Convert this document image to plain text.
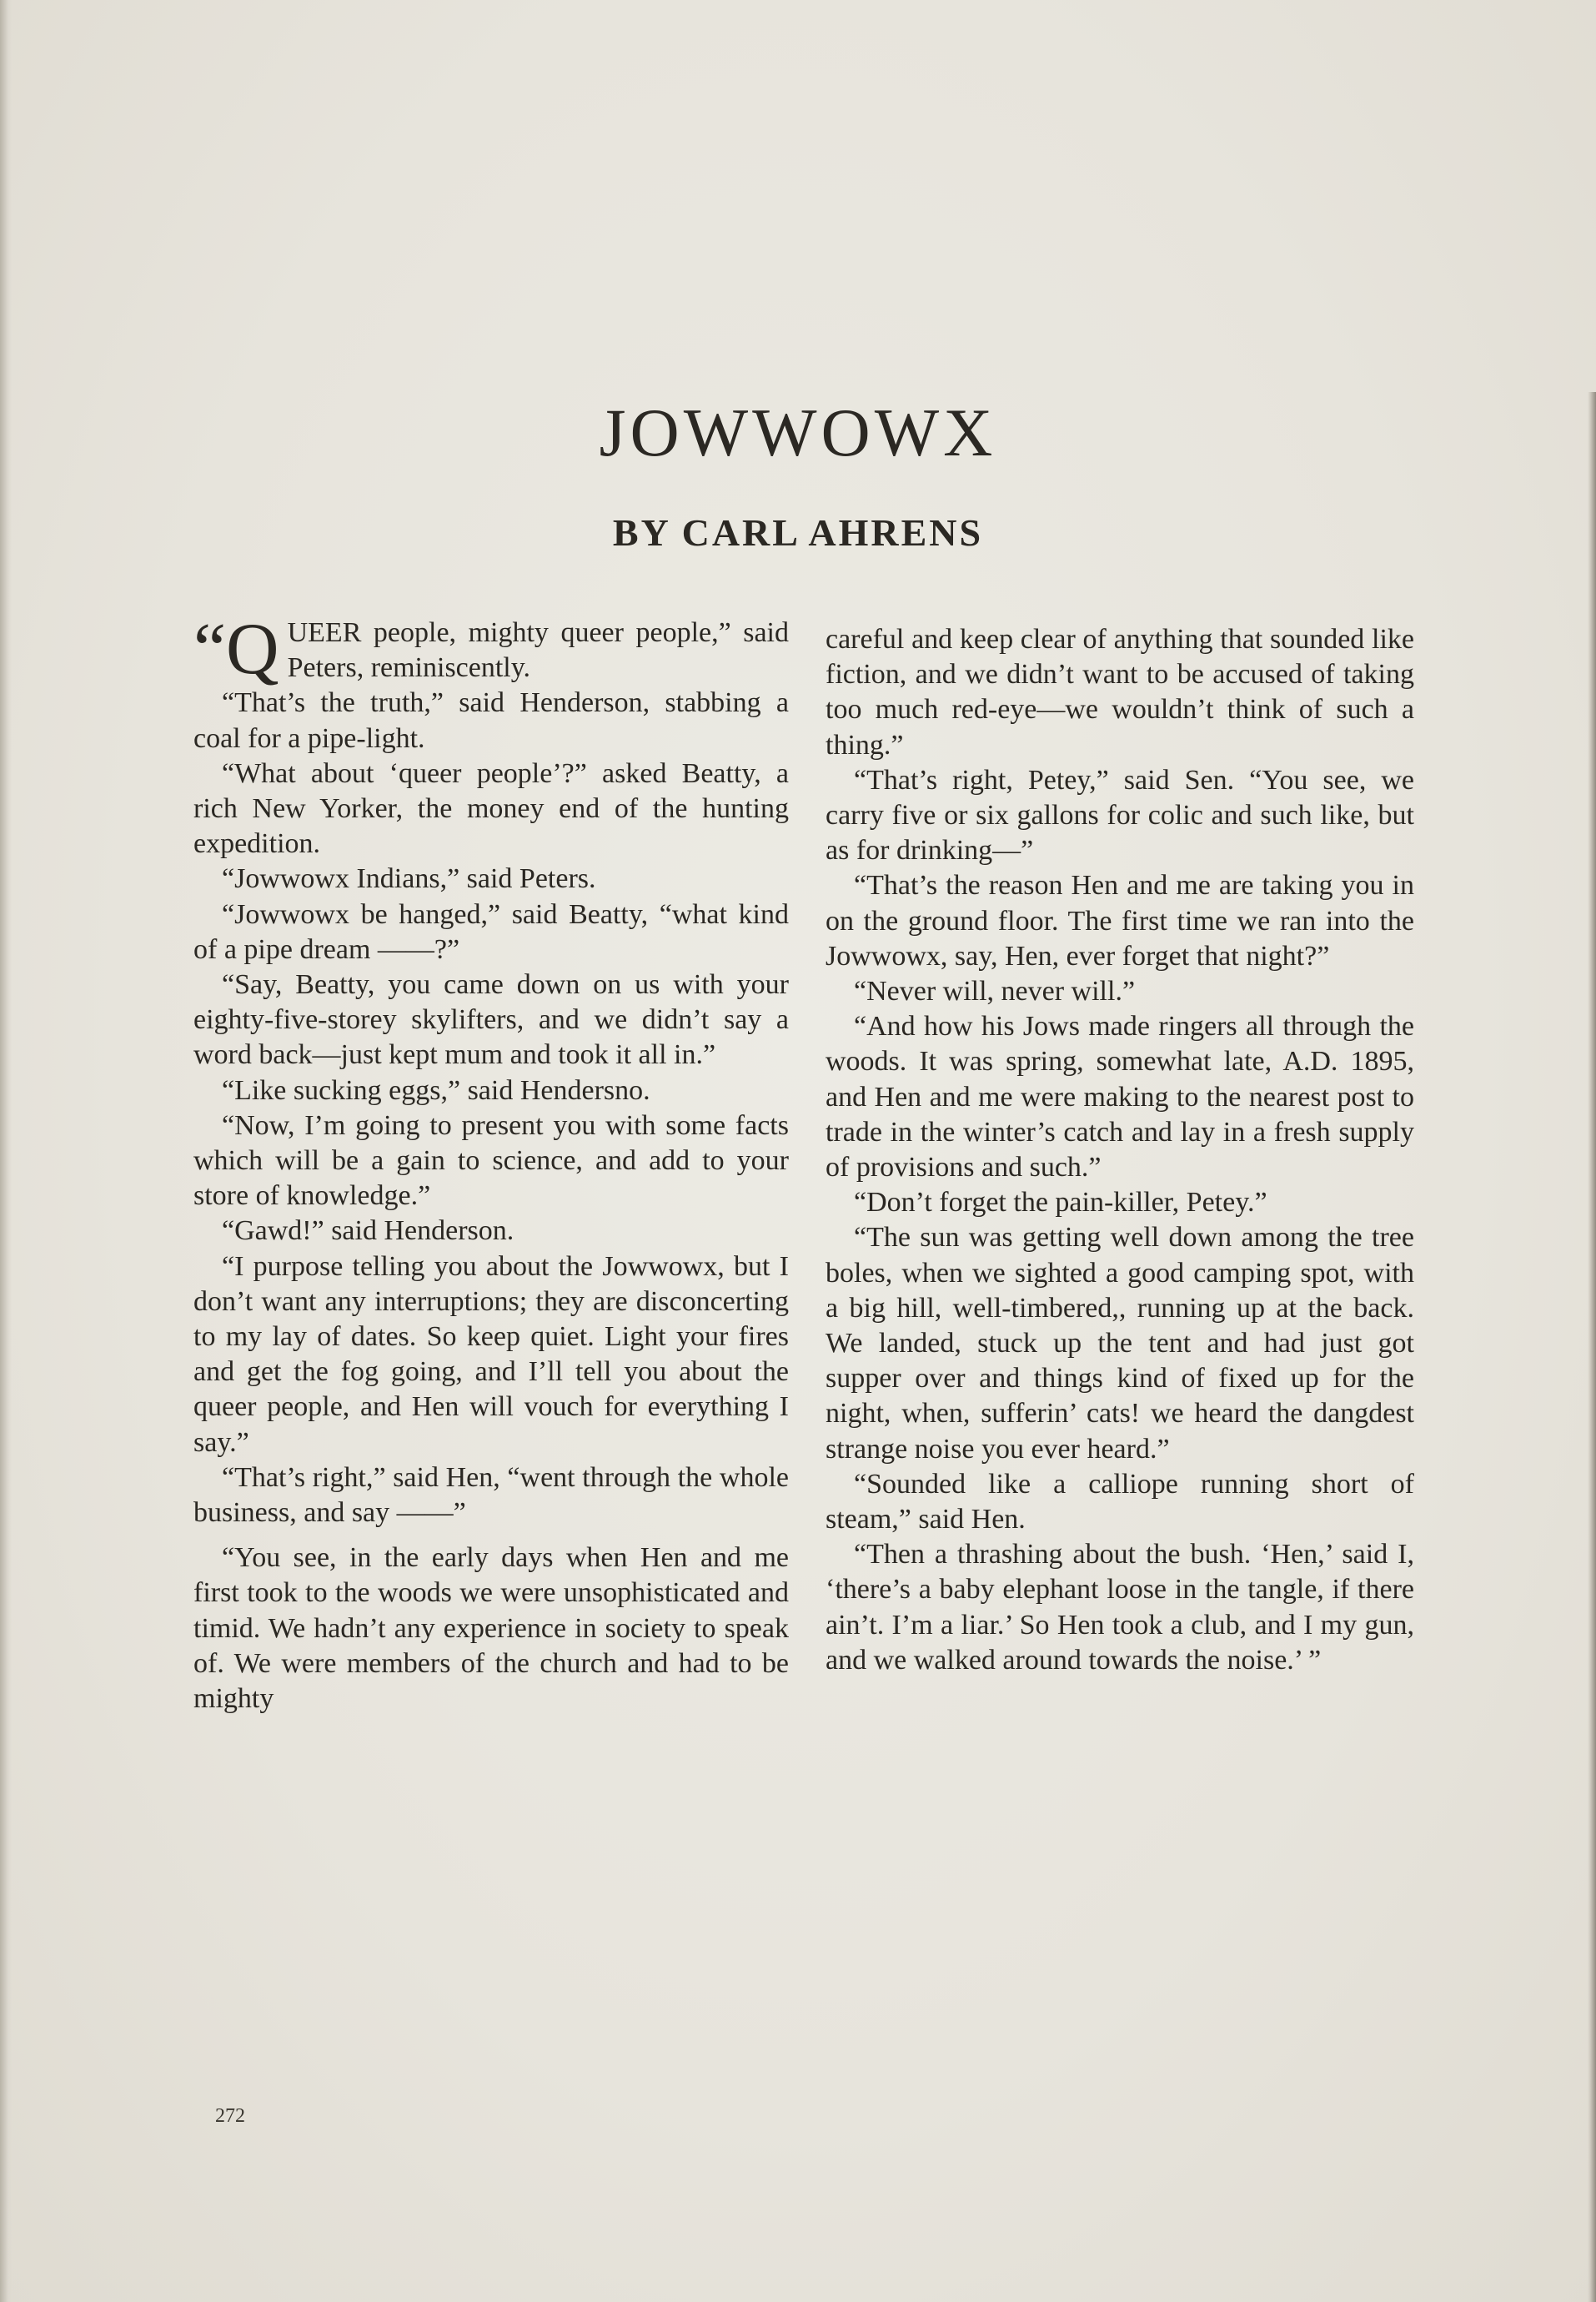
JOWWOWX
BY CARL AHRENS

“QUEER people, mighty queer people,” said Peters, reminiscently.

“That’s the truth,” said Henderson, stabbing a coal for a pipe-light.

“What about ‘queer people’?” asked Beatty, a rich New Yorker, the money end of the hunting expedition.

“Jowwowx Indians,” said Peters.

“Jowwowx be hanged,” said Beatty, “what kind of a pipe dream ——?”

“Say, Beatty, you came down on us with your eighty-five-storey skylifters, and we didn’t say a word back—just kept mum and took it all in.”

“Like sucking eggs,” said Hendersno.

“Now, I’m going to present you with some facts which will be a gain to science, and add to your store of knowledge.”

“Gawd!” said Henderson.

“I purpose telling you about the Jowwowx, but I don’t want any interruptions; they are disconcerting to my lay of dates. So keep quiet. Light your fires and get the fog going, and I’ll tell you about the queer people, and Hen will vouch for everything I say.”

“That’s right,” said Hen, “went through the whole business, and say ——”

“You see, in the early days when Hen and me first took to the woods we were unsophisticated and timid. We hadn’t any experience in society to speak of. We were members of the church and had to be mighty

careful and keep clear of anything that sounded like fiction, and we didn’t want to be accused of taking too much red-eye—we wouldn’t think of such a thing.”

“That’s right, Petey,” said Sen. “You see, we carry five or six gallons for colic and such like, but as for drinking—”

“That’s the reason Hen and me are taking you in on the ground floor. The first time we ran into the Jowwowx, say, Hen, ever forget that night?”

“Never will, never will.”

“And how his Jows made ringers all through the woods. It was spring, somewhat late, A.D. 1895, and Hen and me were making to the nearest post to trade in the winter’s catch and lay in a fresh supply of provisions and such.”

“Don’t forget the pain-killer, Petey.”

“The sun was getting well down among the tree boles, when we sighted a good camping spot, with a big hill, well-timbered,, running up at the back. We landed, stuck up the tent and had just got supper over and things kind of fixed up for the night, when, sufferin’ cats! we heard the dangdest strange noise you ever heard.”

“Sounded like a calliope running short of steam,” said Hen.

“Then a thrashing about the bush. ‘Hen,’ said I, ‘there’s a baby elephant loose in the tangle, if there ain’t. I’m a liar.’ So Hen took a club, and I my gun, and we walked around towards the noise.’ ”

272
